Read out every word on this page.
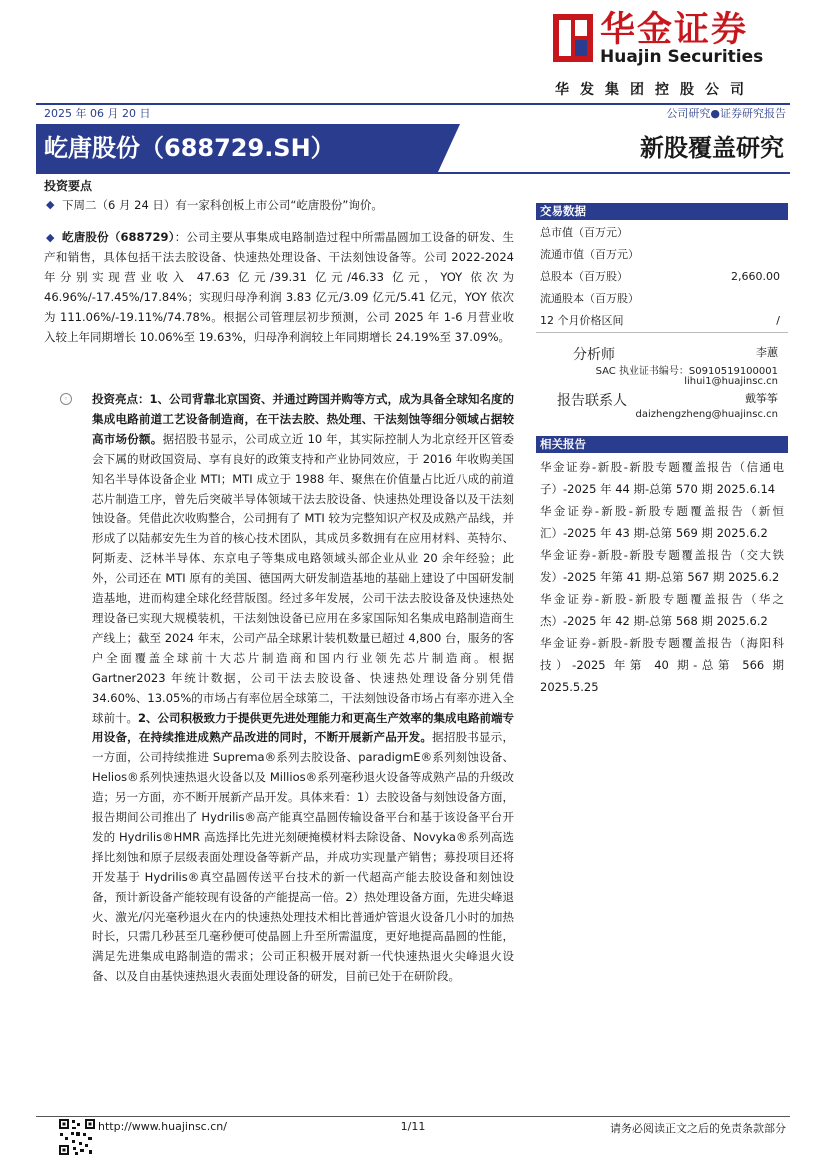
华金证券
Huajin Securities
华发集团控股公司
2025 年 06 月 20 日	公司研究●证券研究报告
屹唐股份（688729.SH）	新股覆盖研究
投资要点
◆ 下周二（6 月 24 日）有一家科创板上市公司“屹唐股份”询价。
◆ 屹唐股份（688729）：公司主要从事集成电路制造过程中所需晶圆加工设备的研发、生产和销售，具体包括干法去胶设备、快速热处理设备、干法刻蚀设备等。公司 2022-2024 年分别实现营业收入 47.63 亿元/39.31 亿元/46.33 亿元，YOY 依次为 46.96%/-17.45%/17.84%；实现归母净利润 3.83 亿元/3.09 亿元/5.41 亿元，YOY 依次为 111.06%/-19.11%/74.78%。根据公司管理层初步预测，公司 2025 年 1-6 月营业收入较上年同期增长 10.06%至 19.63%，归母净利润较上年同期增长 24.19%至 37.09%。
◦	投资亮点：1、公司背靠北京国资、并通过跨国并购等方式，成为具备全球知名度的集成电路前道工艺设备制造商，在干法去胶、热处理、干法刻蚀等细分领域占据较高市场份额。据招股书显示，公司成立近 10 年，其实际控制人为北京经开区管委会下属的财政国资局、享有良好的政策支持和产业协同效应，于 2016 年收购美国知名半导体设备企业 MTI；MTI 成立于 1988 年、聚焦在价值量占比近八成的前道芯片制造工序，曾先后突破半导体领域干法去胶设备、快速热处理设备以及干法刻蚀设备。凭借此次收购整合，公司拥有了 MTI 较为完整知识产权及成熟产品线，并形成了以陆郝安先生为首的核心技术团队，其成员多数拥有在应用材料、英特尔、阿斯麦、泛林半导体、东京电子等集成电路领域头部企业从业 20 余年经验；此外，公司还在 MTI 原有的美国、德国两大研发制造基地的基础上建设了中国研发制造基地，进而构建全球化经营版图。经过多年发展，公司干法去胶设备及快速热处理设备已实现大规模装机，干法刻蚀设备已应用在多家国际知名集成电路制造商生产线上；截至 2024 年末，公司产品全球累计装机数量已超过 4,800 台，服务的客户全面覆盖全球前十大芯片制造商和国内行业领先芯片制造商。根据 Gartner2023 年统计数据，公司干法去胶设备、快速热处理设备分别凭借 34.60%、13.05%的市场占有率位居全球第二，干法刻蚀设备市场占有率亦进入全球前十。2、公司积极致力于提供更先进处理能力和更高生产效率的集成电路前端专用设备，在持续推进成熟产品改进的同时，不断开展新产品开发。据招股书显示，一方面，公司持续推进 Suprema®系列去胶设备、paradigmE®系列刻蚀设备、Helios®系列快速热退火设备以及 Millios®系列毫秒退火设备等成熟产品的升级改造；另一方面，亦不断开展新产品开发。具体来看：1）去胶设备与刻蚀设备方面，报告期间公司推出了 Hydrilis®高产能真空晶圆传输设备平台和基于该设备平台开发的 Hydrilis®HMR 高选择比先进光刻硬掩模材料去除设备、Novyka®系列高选择比刻蚀和原子层级表面处理设备等新产品，并成功实现量产销售；募投项目还将开发基于 Hydrilis®真空晶圆传送平台技术的新一代超高产能去胶设备和刻蚀设备，预计新设备产能较现有设备的产能提高一倍。2）热处理设备方面，先进尖峰退火、激光/闪光毫秒退火在内的快速热处理技术相比普通炉管退火设备几小时的加热时长，只需几秒甚至几毫秒便可使晶圆上升至所需温度，更好地提高晶圆的性能，满足先进集成电路制造的需求；公司正积极开展对新一代快速热退火尖峰退火设备、以及自由基快速热退火表面处理设备的研发，目前已处于在研阶段。
交易数据
总市值（百万元）
流通市值（百万元）
总股本（百万股）	2,660.00
流通股本（百万股）
12 个月价格区间	/
分析师	李蕙
SAC 执业证书编号：S0910519100001
lihui1@huajinsc.cn
报告联系人	戴筝筝
daizhengzheng@huajinsc.cn
相关报告
华金证券-新股-新股专题覆盖报告（信通电子）-2025 年 44 期-总第 570 期 2025.6.14
华金证券-新股-新股专题覆盖报告（新恒汇）-2025 年 43 期-总第 569 期 2025.6.2
华金证券-新股-新股专题覆盖报告（交大铁发）-2025 年第 41 期-总第 567 期 2025.6.2
华金证券-新股-新股专题覆盖报告（华之杰）-2025 年 42 期-总第 568 期 2025.6.2
华金证券-新股-新股专题覆盖报告（海阳科技）-2025 年第 40 期-总第 566 期 2025.5.25
http://www.huajinsc.cn/	1/11	请务必阅读正文之后的免责条款部分
